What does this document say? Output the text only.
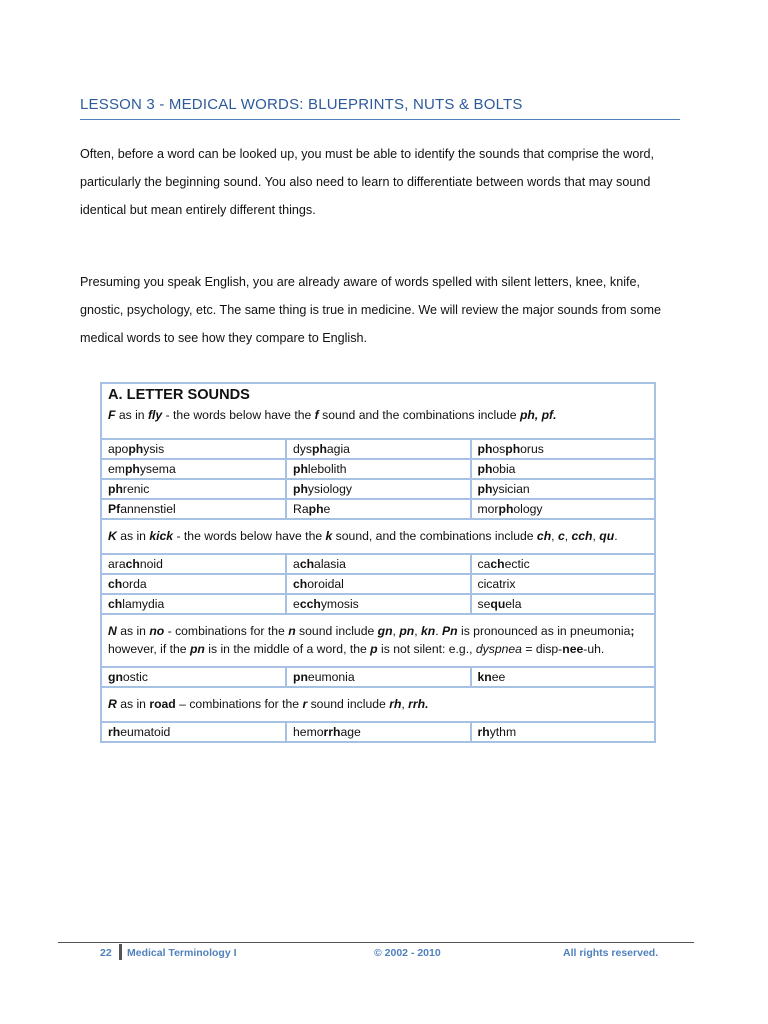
LESSON 3 - MEDICAL WORDS: BLUEPRINTS, NUTS & BOLTS

Often, before a word can be looked up, you must be able to identify the sounds that comprise the word, particularly the beginning sound. You also need to learn to differentiate between words that may sound identical but mean entirely different things.

Presuming you speak English, you are already aware of words spelled with silent letters, knee, knife, gnostic, psychology, etc. The same thing is true in medicine. We will review the major sounds from some medical words to see how they compare to English.

A. LETTER SOUNDS
F as in fly - the words below have the f sound and the combinations include ph, pf.		

apophysis	dysphagia	phosphorus
emphysema	phlebolith	phobia
phrenic	physiology	physician
Pfannenstiel	Raphe	morphology
K as in kick - the words below have the k sound, and the combinations include ch, c, cch, qu.		
arachnoid	achalasia	cachectic
chorda	choroidal	cicatrix
chlamydia	ecchymosis	sequela
N as in no - combinations for the n sound include gn, pn, kn. Pn is pronounced as in pneumonia; however, if the pn is in the middle of a word, the p is not silent: e.g., dyspnea = disp-nee-uh.		
gnostic	pneumonia	knee
R as in road – combinations for the r sound include rh, rrh.		
rheumatoid	hemorrhage	rhythm
22 Medical Terminology I	© 2002 - 2010	All rights reserved.
